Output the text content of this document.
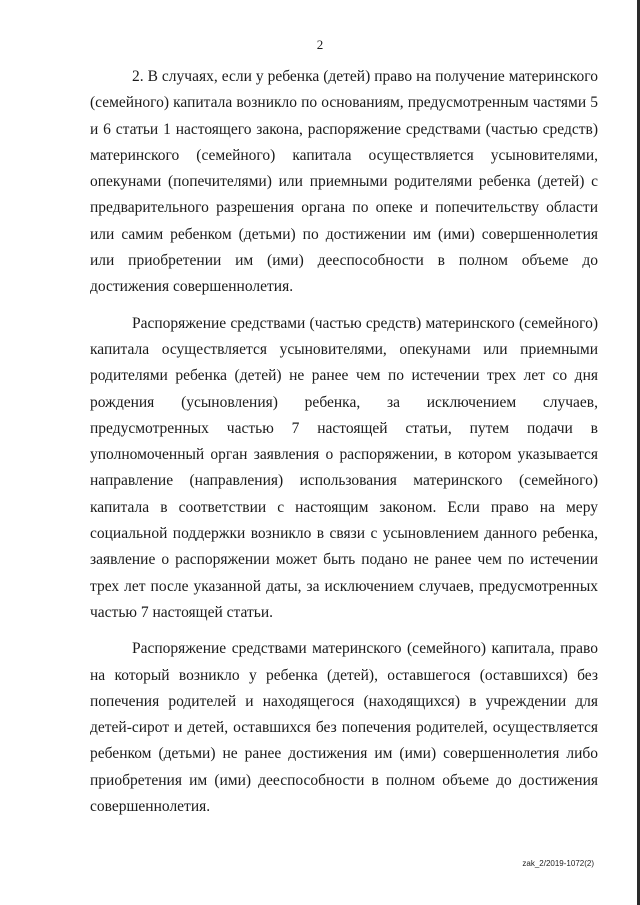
2

2. В случаях, если у ребенка (детей) право на получение материнского (семейного) капитала возникло по основаниям, предусмотренным частями 5 и 6 статьи 1 настоящего закона, распоряжение средствами (частью средств) материнского (семейного) капитала осуществляется усыновителями, опекунами (попечителями) или приемными родителями ребенка (детей) с предварительного разрешения органа по опеке и попечительству области или самим ребенком (детьми) по достижении им (ими) совершеннолетия или приобретении им (ими) дееспособности в полном объеме до достижения совершеннолетия.

Распоряжение средствами (частью средств) материнского (семейного) капитала осуществляется усыновителями, опекунами или приемными родителями ребенка (детей) не ранее чем по истечении трех лет со дня рождения (усыновления) ребенка, за исключением случаев, предусмотренных частью 7 настоящей статьи, путем подачи в уполномоченный орган заявления о распоряжении, в котором указывается направление (направления) использования материнского (семейного) капитала в соответствии с настоящим законом. Если право на меру социальной поддержки возникло в связи с усыновлением данного ребенка, заявление о распоряжении может быть подано не ранее чем по истечении трех лет после указанной даты, за исключением случаев, предусмотренных частью 7 настоящей статьи.

Распоряжение средствами материнского (семейного) капитала, право на который возникло у ребенка (детей), оставшегося (оставшихся) без попечения родителей и находящегося (находящихся) в учреждении для детей-сирот и детей, оставшихся без попечения родителей, осуществляется ребенком (детьми) не ранее достижения им (ими) совершеннолетия либо приобретения им (ими) дееспособности в полном объеме до достижения совершеннолетия.

zak_2/2019-1072(2)
